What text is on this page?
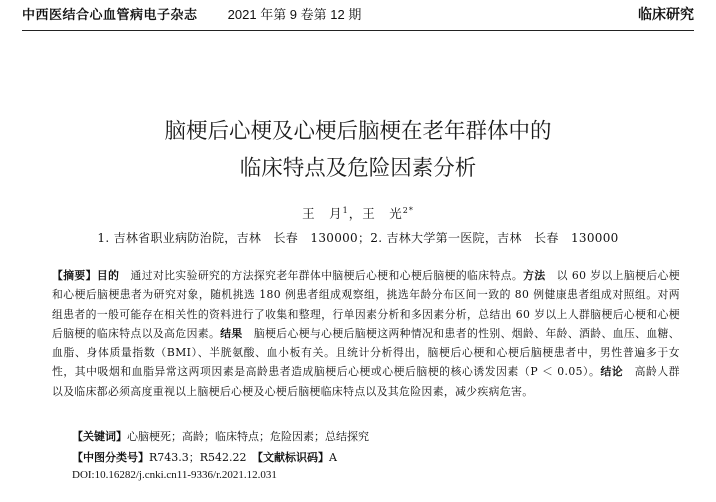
中西医结合心血管病电子杂志 2021 年第 9 卷第 12 期	临床研究
脑梗后心梗及心梗后脑梗在老年群体中的
临床特点及危险因素分析
王　月$^1$，王　光$^{2*}$
1. 吉林省职业病防治院，吉林　长春　130000；2. 吉林大学第一医院，吉林　长春　130000
【摘要】目的　 通过对比实验研究的方法探究老年群体中脑梗后心梗和心梗后脑梗的临床特点。方法　 以 60 岁以上脑梗后心梗和心梗后脑梗患者为研究对象，随机挑选 180 例患者组成观察组，挑选年龄分布区间一致的 80 例健康患者组成对照组。对两组患者的一般可能存在相关性的资料进行了收集和整理，行单因素分析和多因素分析，总结出 60 岁以上人群脑梗后心梗和心梗后脑梗的临床特点以及高危因素。结果　 脑梗后心梗与心梗后脑梗这两种情况和患者的性别、烟龄、年龄、酒龄、血压、血糖、血脂、身体质量指数（BMI）、半胱氨酸、血小板有关。且统计分析得出，脑梗后心梗和心梗后脑梗患者中，男性普遍多于女性，其中吸烟和血脂异常这两项因素是高龄患者造成脑梗后心梗或心梗后脑梗的核心诱发因素（P ＜ 0.05）。结论　 高龄人群以及临床都必须高度重视以上脑梗后心梗及心梗后脑梗临床特点以及其危险因素，减少疾病危害。
【关键词】心脑梗死；高龄；临床特点；危险因素；总结探究
【中图分类号】R743.3；R542.22　 【文献标识码】A
DOI:10.16282/j.cnki.cn11-9336/r.2021.12.031
